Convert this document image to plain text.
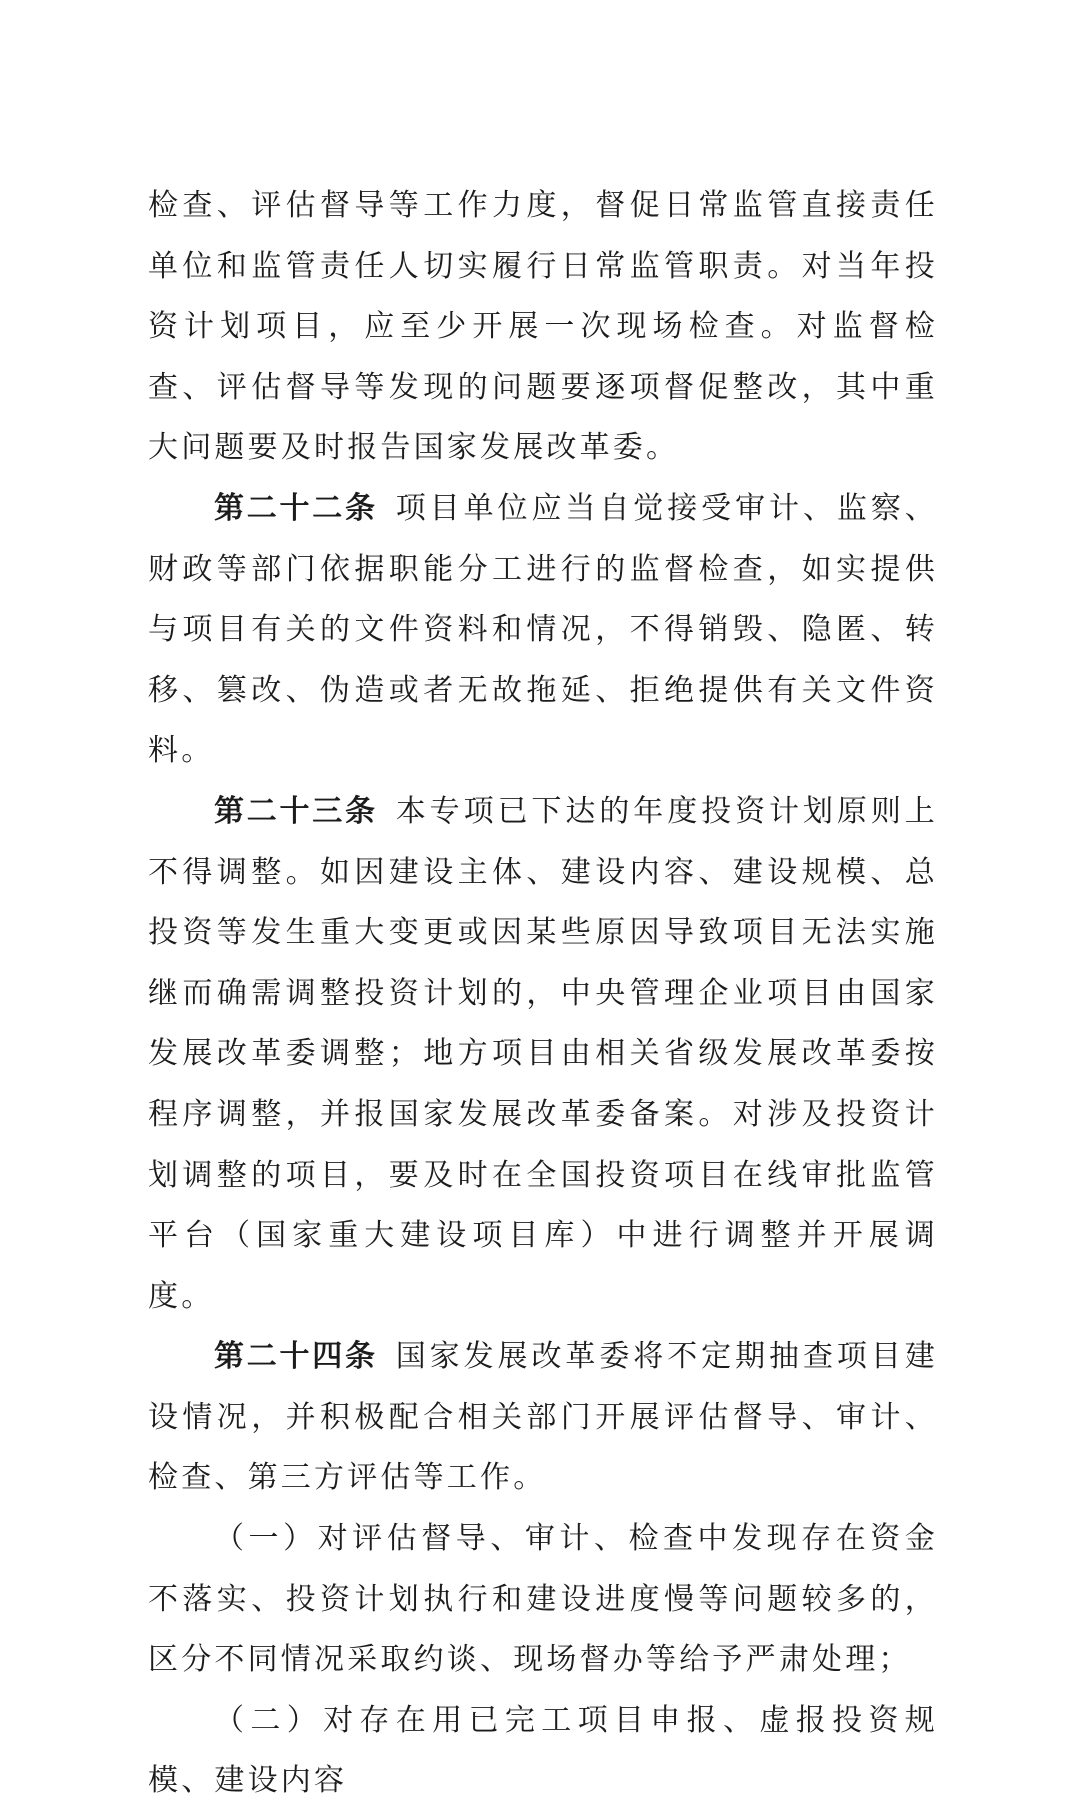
检查、评估督导等工作力度，督促日常监管直接责任单位和监管责任人切实履行日常监管职责。对当年投资计划项目，应至少开展一次现场检查。对监督检查、评估督导等发现的问题要逐项督促整改，其中重大问题要及时报告国家发展改革委。

第二十二条 项目单位应当自觉接受审计、监察、财政等部门依据职能分工进行的监督检查，如实提供与项目有关的文件资料和情况，不得销毁、隐匿、转移、篡改、伪造或者无故拖延、拒绝提供有关文件资料。

第二十三条 本专项已下达的年度投资计划原则上不得调整。如因建设主体、建设内容、建设规模、总投资等发生重大变更或因某些原因导致项目无法实施继而确需调整投资计划的，中央管理企业项目由国家发展改革委调整；地方项目由相关省级发展改革委按程序调整，并报国家发展改革委备案。对涉及投资计划调整的项目，要及时在全国投资项目在线审批监管平台（国家重大建设项目库）中进行调整并开展调度。

第二十四条 国家发展改革委将不定期抽查项目建设情况，并积极配合相关部门开展评估督导、审计、检查、第三方评估等工作。

（一）对评估督导、审计、检查中发现存在资金不落实、投资计划执行和建设进度慢等问题较多的，区分不同情况采取约谈、现场督办等给予严肃处理；

（二）对存在用已完工项目申报、虚报投资规模、建设内容
